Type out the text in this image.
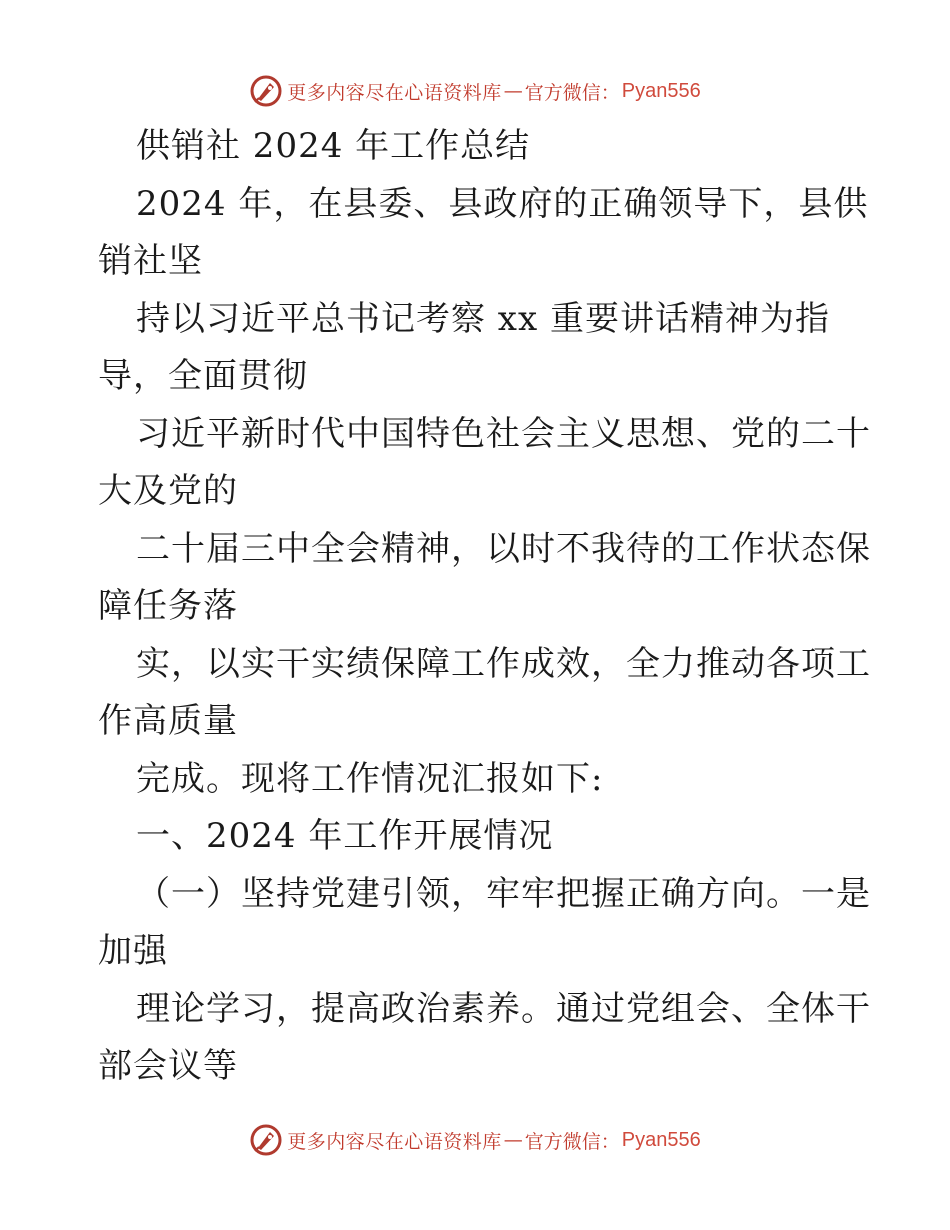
更多内容尽在心语资料库 — 官方微信： Pyan556
供销社 2024 年工作总结
2024 年，在县委、县政府的正确领导下，县供
销社坚
持以习近平总书记考察 xx 重要讲话精神为指
导，全面贯彻
习近平新时代中国特色社会主义思想、党的二十
大及党的
二十届三中全会精神，以时不我待的工作状态保
障任务落
实，以实干实绩保障工作成效，全力推动各项工
作高质量
完成。现将工作情况汇报如下:
一、2024 年工作开展情况
（一）坚持党建引领，牢牢把握正确方向。一是
加强
理论学习，提高政治素养。通过党组会、全体干
部会议等
更多内容尽在心语资料库 — 官方微信： Pyan556
